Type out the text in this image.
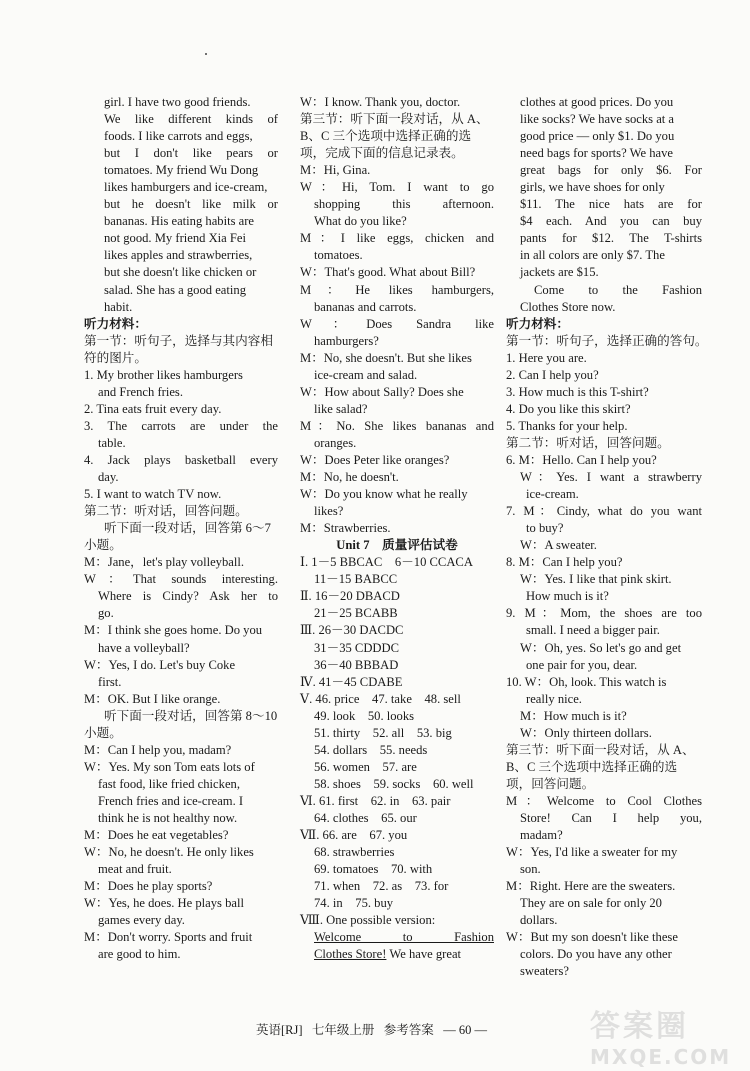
girl. I have two good friends.
We like different kinds of
foods. I like carrots and eggs,
but I don't like pears or
tomatoes. My friend Wu Dong
likes hamburgers and ice-cream,
but he doesn't like milk or
bananas. His eating habits are
not good. My friend Xia Fei
likes apples and strawberries,
but she doesn't like chicken or
salad. She has a good eating
habit.
听力材料：
第一节：听句子，选择与其内容相
符的图片。
1. My brother likes hamburgers
and French fries.
2. Tina eats fruit every day.
3. The carrots are under the
table.
4. Jack plays basketball every
day.
5. I want to watch TV now.
第二节：听对话，回答问题。
听下面一段对话，回答第 6～7
小题。
M：Jane，let's play volleyball.
W：That sounds interesting.
Where is Cindy? Ask her to
go.
M：I think she goes home. Do you
have a volleyball?
W：Yes, I do. Let's buy Coke
first.
M：OK. But I like orange.
听下面一段对话，回答第 8～10
小题。
M：Can I help you, madam?
W：Yes. My son Tom eats lots of
fast food, like fried chicken,
French fries and ice-cream. I
think he is not healthy now.
M：Does he eat vegetables?
W：No, he doesn't. He only likes
meat and fruit.
M：Does he play sports?
W：Yes, he does. He plays ball
games every day.
M：Don't worry. Sports and fruit
are good to him.
W：I know. Thank you, doctor.
第三节：听下面一段对话，从 A、
B、C 三个选项中选择正确的选
项，完成下面的信息记录表。
M：Hi, Gina.
W：Hi, Tom. I want to go
shopping this afternoon.
What do you like?
M：I like eggs, chicken and
tomatoes.
W：That's good. What about Bill?
M：He likes hamburgers,
bananas and carrots.
W：Does Sandra like
hamburgers?
M：No, she doesn't. But she likes
ice-cream and salad.
W：How about Sally? Does she
like salad?
M：No. She likes bananas and
oranges.
W：Does Peter like oranges?
M：No, he doesn't.
W：Do you know what he really
likes?
M：Strawberries.
Unit 7　质量评估试卷
Ⅰ. 1－5 BBCAC　6－10 CCACA
11－15 BABCC
Ⅱ. 16－20 DBACD
21－25 BCABB
Ⅲ. 26－30 DACDC
31－35 CDDDC
36－40 BBBAD
Ⅳ. 41－45 CDABE
Ⅴ. 46. price　47. take　48. sell
49. look　50. looks
51. thirty　52. all　53. big
54. dollars　55. needs
56. women　57. are
58. shoes　59. socks　60. well
Ⅵ. 61. first　62. in　63. pair
64. clothes　65. our
Ⅶ. 66. are　67. you
68. strawberries
69. tomatoes　70. with
71. when　72. as　73. for
74. in　75. buy
Ⅷ. One possible version:
Welcome to Fashion
Clothes Store! We have great
clothes at good prices. Do you
like socks? We have socks at a
good price — only $1. Do you
need bags for sports? We have
great bags for only $6. For
girls, we have shoes for only
$11. The nice hats are for
$4 each. And you can buy
pants for $12. The T-shirts
in all colors are only $7. The
jackets are $15.
Come to the Fashion
Clothes Store now.
听力材料：
第一节：听句子，选择正确的答句。
1. Here you are.
2. Can I help you?
3. How much is this T-shirt?
4. Do you like this skirt?
5. Thanks for your help.
第二节：听对话，回答问题。
6. M：Hello. Can I help you?
W：Yes. I want a strawberry
ice-cream.
7. M：Cindy, what do you want
to buy?
W：A sweater.
8. M：Can I help you?
W：Yes. I like that pink skirt.
How much is it?
9. M：Mom, the shoes are too
small. I need a bigger pair.
W：Oh, yes. So let's go and get
one pair for you, dear.
10. W：Oh, look. This watch is
really nice.
M：How much is it?
W：Only thirteen dollars.
第三节：听下面一段对话，从 A、
B、C 三个选项中选择正确的选
项，回答问题。
M：Welcome to Cool Clothes
Store! Can I help you,
madam?
W：Yes, I'd like a sweater for my
son.
M：Right. Here are the sweaters.
They are on sale for only 20
dollars.
W：But my son doesn't like these
colors. Do you have any other
sweaters?
英语[RJ] 七年级上册 参考答案 — 60 —	答案圈
MXQE.COM
